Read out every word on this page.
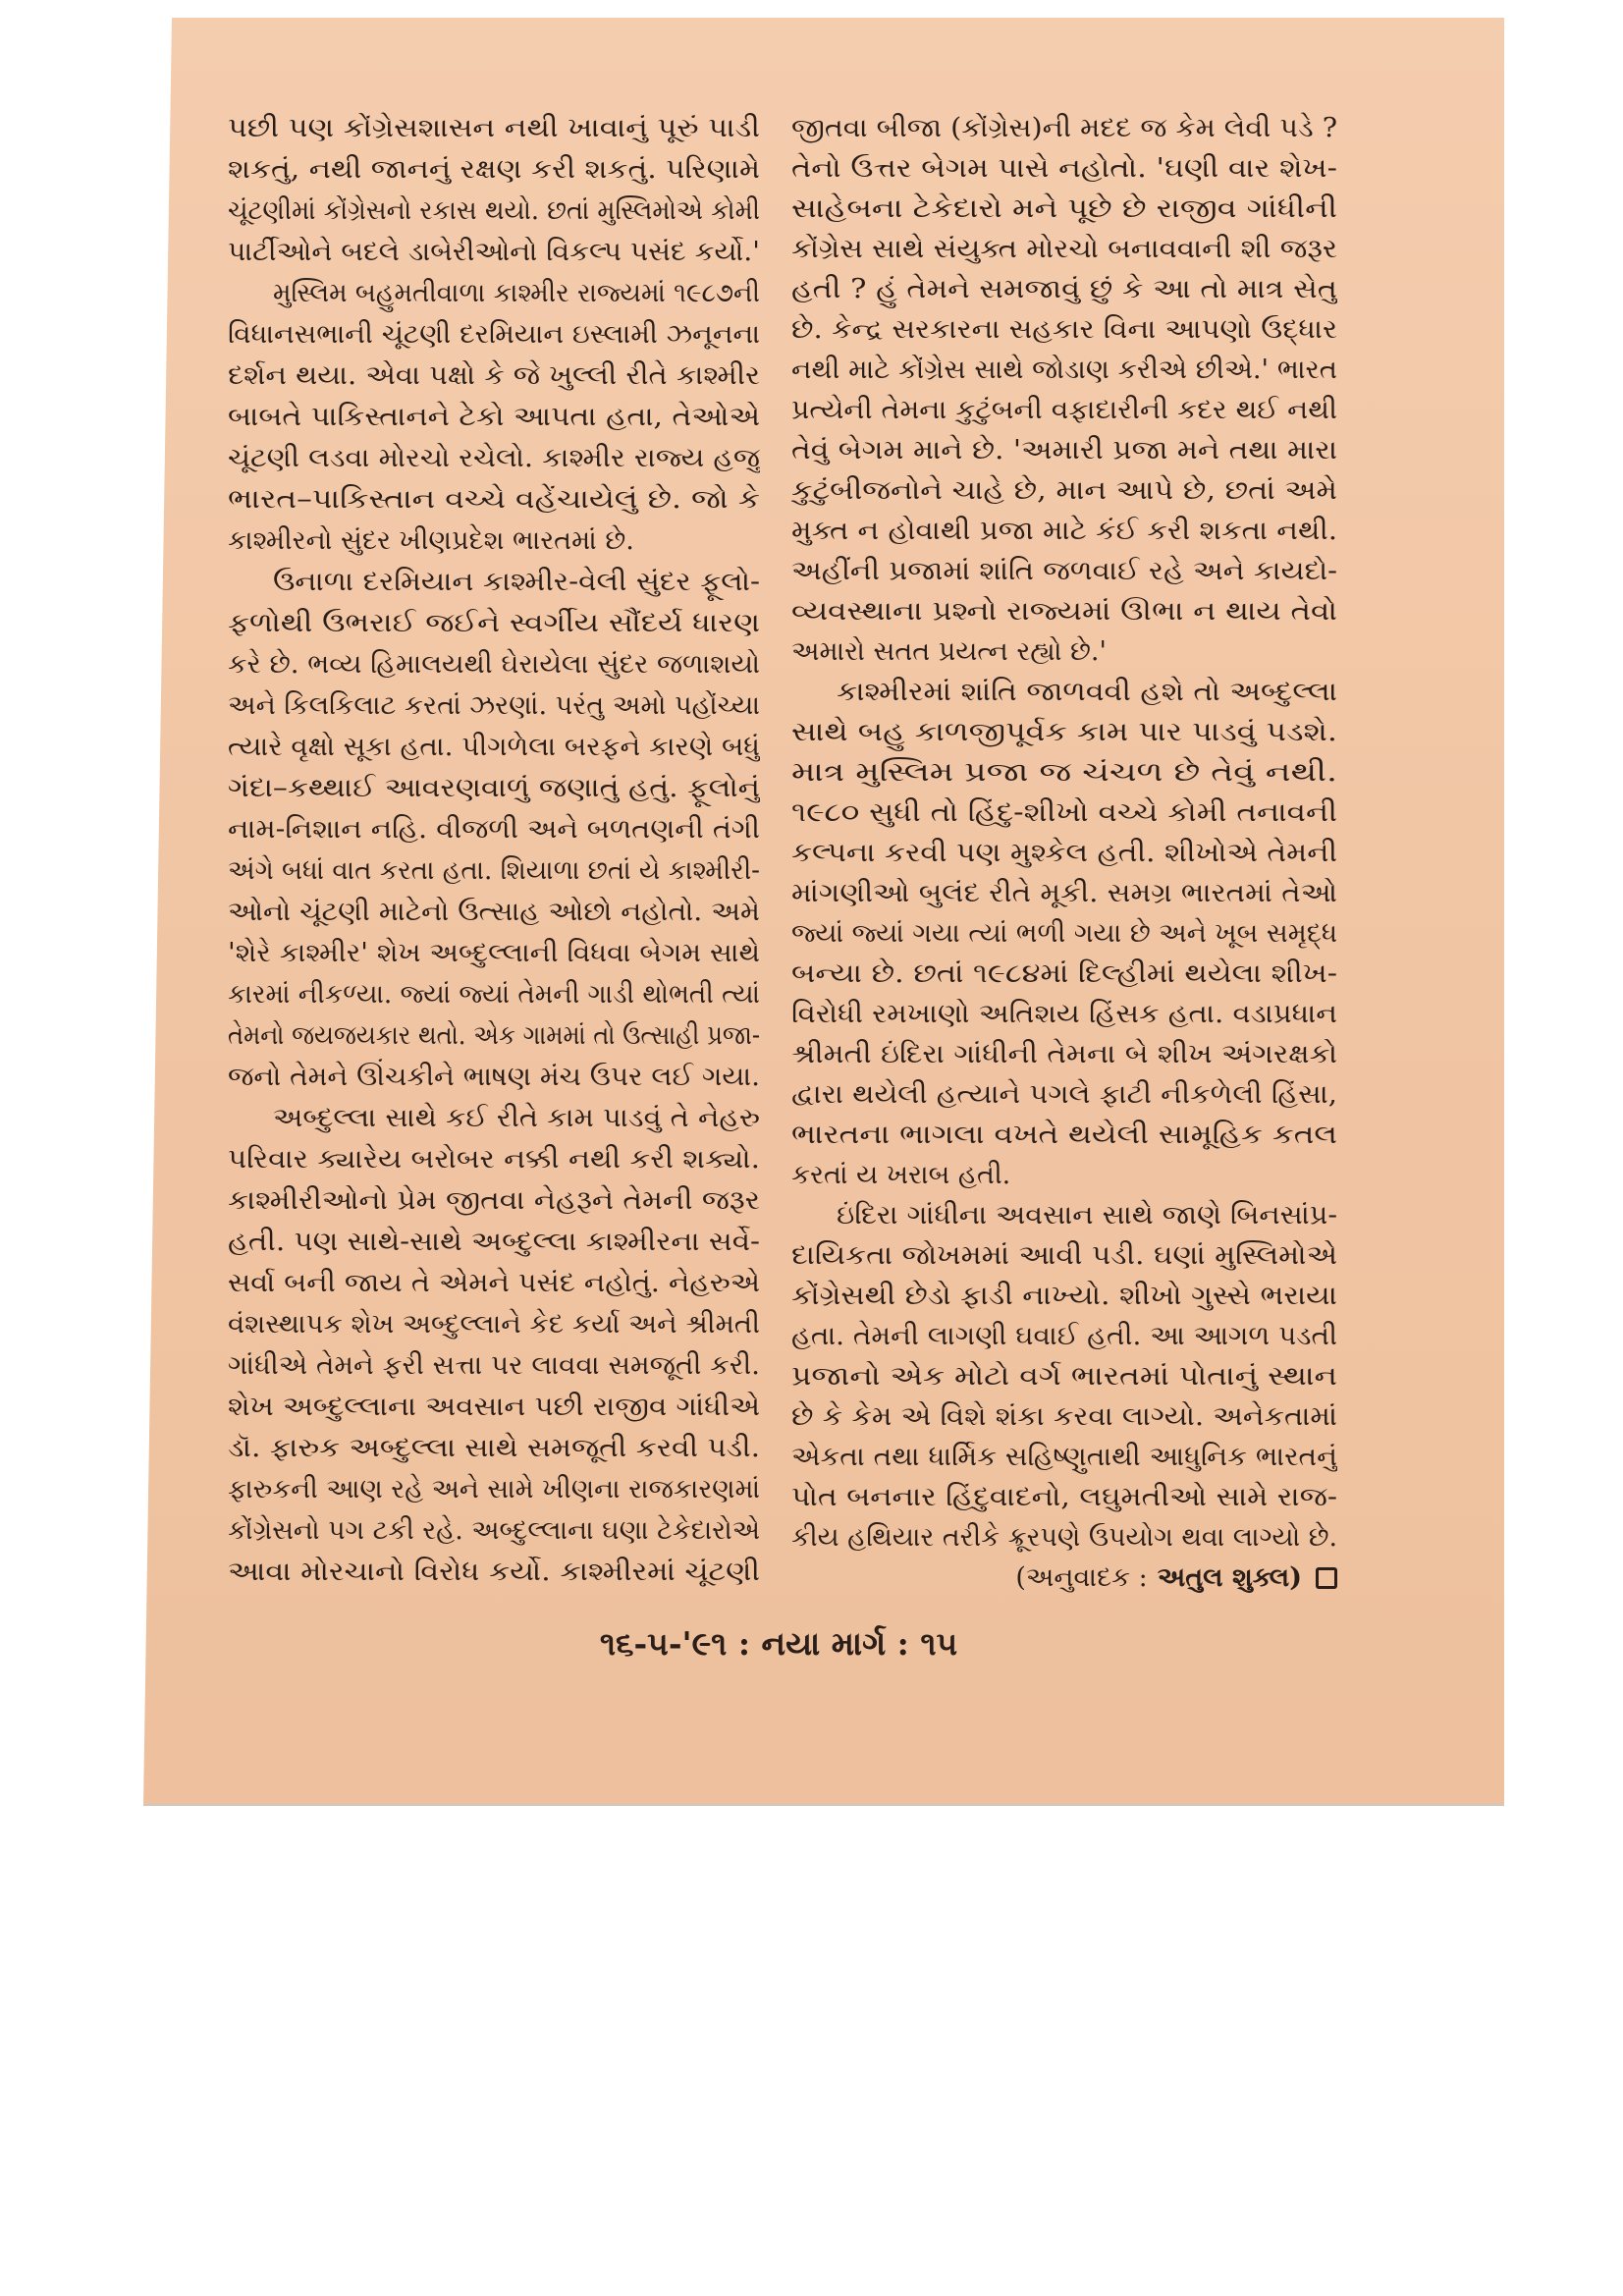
પછી પણ કોંગ્રેસશાસન નથી ખાવાનું પૂરું પાડી
શકતું, નથી જાનનું રક્ષણ કરી શકતું. પરિણામે
ચૂંટણીમાં કોંગ્રેસનો રકાસ થયો. છતાં મુસ્લિમોએ કોમી
પાર્ટીઓને બદલે ડાબેરીઓનો વિકલ્પ પસંદ કર્યો.'
મુસ્લિમ બહુમતીવાળા કાશ્મીર રાજ્યમાં ૧૯૮૭ની
વિધાનસભાની ચૂંટણી દરમિયાન ઇસ્લામી ઝનૂનના
દર્શન થયા. એવા પક્ષો કે જે ખુલ્લી રીતે કાશ્મીર
બાબતે પાકિસ્તાનને ટેકો આપતા હતા, તેઓએ
ચૂંટણી લડવા મોરચો રચેલો. કાશ્મીર રાજ્ય હજુ
ભારત–પાકિસ્તાન વચ્ચે વહેંચાયેલું છે. જો કે
કાશ્મીરનો સુંદર ખીણપ્રદેશ ભારતમાં છે.
ઉનાળા દરમિયાન કાશ્મીર-વેલી સુંદર ફૂલો-
ફળોથી ઉભરાઈ જઈને સ્વર્ગીય સૌંદર્ય ધારણ
કરે છે. ભવ્ય હિમાલયથી ઘેરાયેલા સુંદર જળાશયો
અને કિલકિલાટ કરતાં ઝરણાં. પરંતુ અમો પહોંચ્યા
ત્યારે વૃક્ષો સૂકા હતા. પીગળેલા બરફને કારણે બધું
ગંદા–કથ્થાઈ આવરણવાળું જણાતું હતું. ફૂલોનું
નામ-નિશાન નહિ. વીજળી અને બળતણની તંગી
અંગે બધાં વાત કરતા હતા. શિયાળા છતાં યે કાશ્મીરી-
ઓનો ચૂંટણી માટેનો ઉત્સાહ ઓછો નહોતો. અમે
'શેરે કાશ્મીર' શેખ અબ્દુલ્લાની વિધવા બેગમ સાથે
કારમાં નીકળ્યા. જ્યાં જ્યાં તેમની ગાડી થોભતી ત્યાં
તેમનો જયજયકાર થતો. એક ગામમાં તો ઉત્સાહી પ્રજા-
જનો તેમને ઊંચકીને ભાષણ મંચ ઉપર લઈ ગયા.
અબ્દુલ્લા સાથે કઈ રીતે કામ પાડવું તે નેહરુ
પરિવાર ક્યારેય બરોબર નક્કી નથી કરી શક્યો.
કાશ્મીરીઓનો પ્રેમ જીતવા નેહરૂને તેમની જરૂર
હતી. પણ સાથે-સાથે અબ્દુલ્લા કાશ્મીરના સર્વે-
સર્વા બની જાય તે એમને પસંદ નહોતું. નેહરુએ
વંશસ્થાપક શેખ અબ્દુલ્લાને કેદ કર્યા અને શ્રીમતી
ગાંધીએ તેમને ફરી સત્તા પર લાવવા સમજૂતી કરી.
શેખ અબ્દુલ્લાના અવસાન પછી રાજીવ ગાંધીએ
ડૉ. ફારુક અબ્દુલ્લા સાથે સમજૂતી કરવી પડી.
ફારુકની આણ રહે અને સામે ખીણના રાજકારણમાં
કોંગ્રેસનો પગ ટકી રહે. અબ્દુલ્લાના ઘણા ટેકેદારોએ
આવા મોરચાનો વિરોધ કર્યો. કાશ્મીરમાં ચૂંટણી
જીતવા બીજા (કોંગ્રેસ)ની મદદ જ કેમ લેવી પડે ?
તેનો ઉત્તર બેગમ પાસે નહોતો. 'ઘણી વાર શેખ-
સાહેબના ટેકેદારો મને પૂછે છે રાજીવ ગાંધીની
કોંગ્રેસ સાથે સંયુક્ત મોરચો બનાવવાની શી જરૂર
હતી ? હું તેમને સમજાવું છું કે આ તો માત્ર સેતુ
છે. કેન્દ્ર સરકારના સહકાર વિના આપણો ઉદ્ધાર
નથી માટે કોંગ્રેસ સાથે જોડાણ કરીએ છીએ.' ભારત
પ્રત્યેની તેમના કુટુંબની વફાદારીની કદર થઈ નથી
તેવું બેગમ માને છે. 'અમારી પ્રજા મને તથા મારા
કુટુંબીજનોને ચાહે છે, માન આપે છે, છતાં અમે
મુક્ત ન હોવાથી પ્રજા માટે કંઈ કરી શકતા નથી.
અહીંની પ્રજામાં શાંતિ જળવાઈ રહે અને કાયદો-
વ્યવસ્થાના પ્રશ્નો રાજ્યમાં ઊભા ન થાય તેવો
અમારો સતત પ્રયત્ન રહ્યો છે.'
કાશ્મીરમાં શાંતિ જાળવવી હશે તો અબ્દુલ્લા
સાથે બહુ કાળજીપૂર્વક કામ પાર પાડવું પડશે.
માત્ર મુસ્લિમ પ્રજા જ ચંચળ છે તેવું નથી.
૧૯૮૦ સુધી તો હિંદુ-શીખો વચ્ચે કોમી તનાવની
કલ્પના કરવી પણ મુશ્કેલ હતી. શીખોએ તેમની
માંગણીઓ બુલંદ રીતે મૂકી. સમગ્ર ભારતમાં તેઓ
જ્યાં જ્યાં ગયા ત્યાં ભળી ગયા છે અને ખૂબ સમૃદ્ધ
બન્યા છે. છતાં ૧૯૮૪માં દિલ્હીમાં થયેલા શીખ-
વિરોધી રમખાણો અતિશય હિંસક હતા. વડાપ્રધાન
શ્રીમતી ઇંદિરા ગાંધીની તેમના બે શીખ અંગરક્ષકો
દ્વારા થયેલી હત્યાને પગલે ફાટી નીકળેલી હિંસા,
ભારતના ભાગલા વખતે થયેલી સામૂહિક કતલ
કરતાં ય ખરાબ હતી.
ઇંદિરા ગાંધીના અવસાન સાથે જાણે બિનસાંપ્ર-
દાયિકતા જોખમમાં આવી પડી. ઘણાં મુસ્લિમોએ
કોંગ્રેસથી છેડો ફાડી નાખ્યો. શીખો ગુસ્સે ભરાયા
હતા. તેમની લાગણી ઘવાઈ હતી. આ આગળ પડતી
પ્રજાનો એક મોટો વર્ગ ભારતમાં પોતાનું સ્થાન
છે કે કેમ એ વિશે શંકા કરવા લાગ્યો. અનેકતામાં
એકતા તથા ધાર્મિક સહિષ્ણુતાથી આધુનિક ભારતનું
પોત બનનાર હિંદુવાદનો, લઘુમતીઓ સામે રાજ-
કીય હથિયાર તરીકે ક્રૂરપણે ઉપયોગ થવા લાગ્યો છે.
(અનુવાદક : અતુલ શુક્લ)
૧૬-૫-'૯૧ : નયા માર્ગ : ૧૫
